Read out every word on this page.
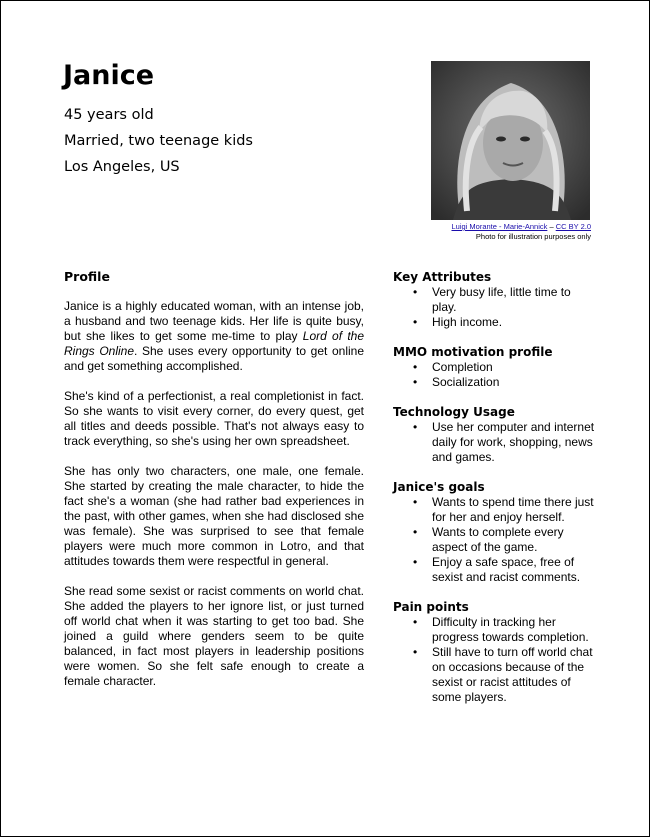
Janice
45 years old
Married, two teenage kids
Los Angeles, US
Luigi Morante - Marie-Annick – CC BY 2.0
Photo for illustration purposes only
Profile

Janice is a highly educated woman, with an intense job, a husband and two teenage kids. Her life is quite busy, but she likes to get some me-time to play Lord of the Rings Online. She uses every opportunity to get online and get something accomplished.

She's kind of a perfectionist, a real completionist in fact. So she wants to visit every corner, do every quest, get all titles and deeds possible. That's not always easy to track everything, so she's using her own spreadsheet.

She has only two characters, one male, one female. She started by creating the male character, to hide the fact she's a woman (she had rather bad experiences in the past, with other games, when she had disclosed she was female). She was surprised to see that female players were much more common in Lotro, and that attitudes towards them were respectful in general.

She read some sexist or racist comments on world chat. She added the players to her ignore list, or just turned off world chat when it was starting to get too bad. She joined a guild where genders seem to be quite balanced, in fact most players in leadership positions were women. So she felt safe enough to create a female character.

Key Attributes
• Very busy life, little time to play.
• High income.
MMO motivation profile
• Completion
• Socialization
Technology Usage
• Use her computer and internet daily for work, shopping, news and games.
Janice's goals
• Wants to spend time there just for her and enjoy herself.
• Wants to complete every aspect of the game.
• Enjoy a safe space, free of sexist and racist comments.
Pain points
• Difficulty in tracking her progress towards completion.
• Still have to turn off world chat on occasions because of the sexist or racist attitudes of some players.
